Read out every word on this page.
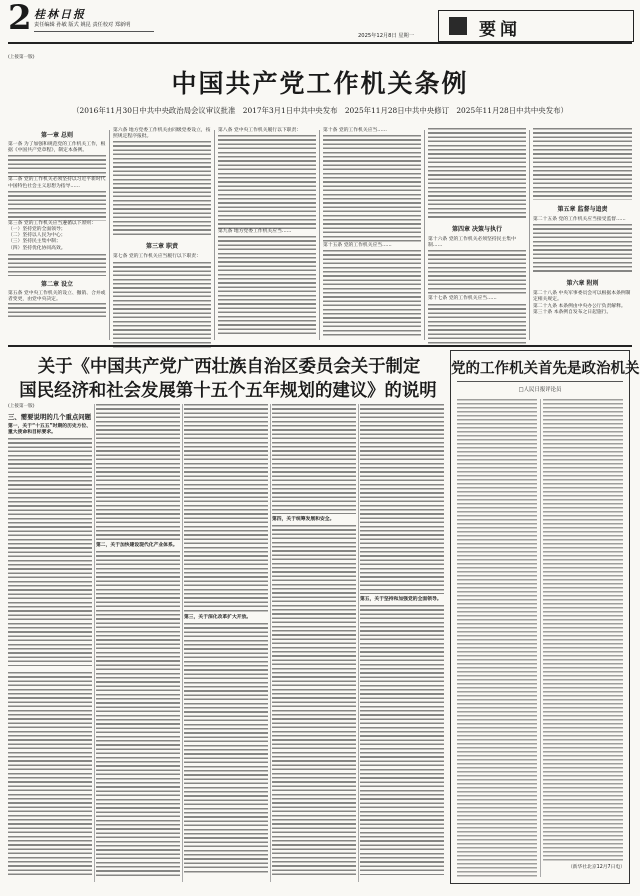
2 桂林日报
责任编辑 孙敏 版式 姚昆 责任校对 郑新明
2025年12月8日 星期一	要闻
(上接第一版)
中国共产党工作机关条例
（2016年11月30日中共中央政治局会议审议批准 2017年3月1日中共中央发布 2025年11月28日中共中央修订 2025年11月28日中共中央发布）
第一章 总则
第一条 为了加强和规范党的工作机关工作，根据《中国共产党章程》，制定本条例。
第二条 党的工作机关必须坚持以习近平新时代中国特色社会主义思想为指导……
第三条 党的工作机关应当遵循以下原则：
（一）坚持党的全面领导；
（二）坚持以人民为中心；
（三）坚持民主集中制；
（四）坚持优化协同高效。
第二章 设立
第五条 党中央工作机关的设立、撤销、合并或者变更，由党中央决定。
第六条 地方党委工作机关由同级党委设立，按照规定程序报批。
第三章 职责
第七条 党的工作机关应当履行以下职责：
第八条 党中央工作机关履行以下职责：
第九条 地方党委工作机关应当……
第十条 党的工作机关应当……
第十五条 党的工作机关应当……
第四章 决策与执行
第十六条 党的工作机关必须坚持民主集中制……
第十七条 党的工作机关应当……
第五章 监督与追责
第二十五条 党的工作机关应当接受监督……
第六章 附则
第二十八条 中央军事委员会可以根据本条例制定相关规定。
第二十九条 本条例由中央办公厅负责解释。
第三十条 本条例自发布之日起施行。
关于《中国共产党广西壮族自治区委员会关于制定
国民经济和社会发展第十五个五年规划的建议》的说明
(上接第一版)
三、需要说明的几个重点问题
第一，关于“十五五”时期的历史方位、重大使命和目标要求。
第二，关于加快建设现代化产业体系。
第三，关于深化改革扩大开放。
第四，关于统筹发展和安全。
第五，关于坚持和加强党的全面领导。
党的工作机关首先是政治机关
□人民日报评论员
（新华社北京12月7日电）
